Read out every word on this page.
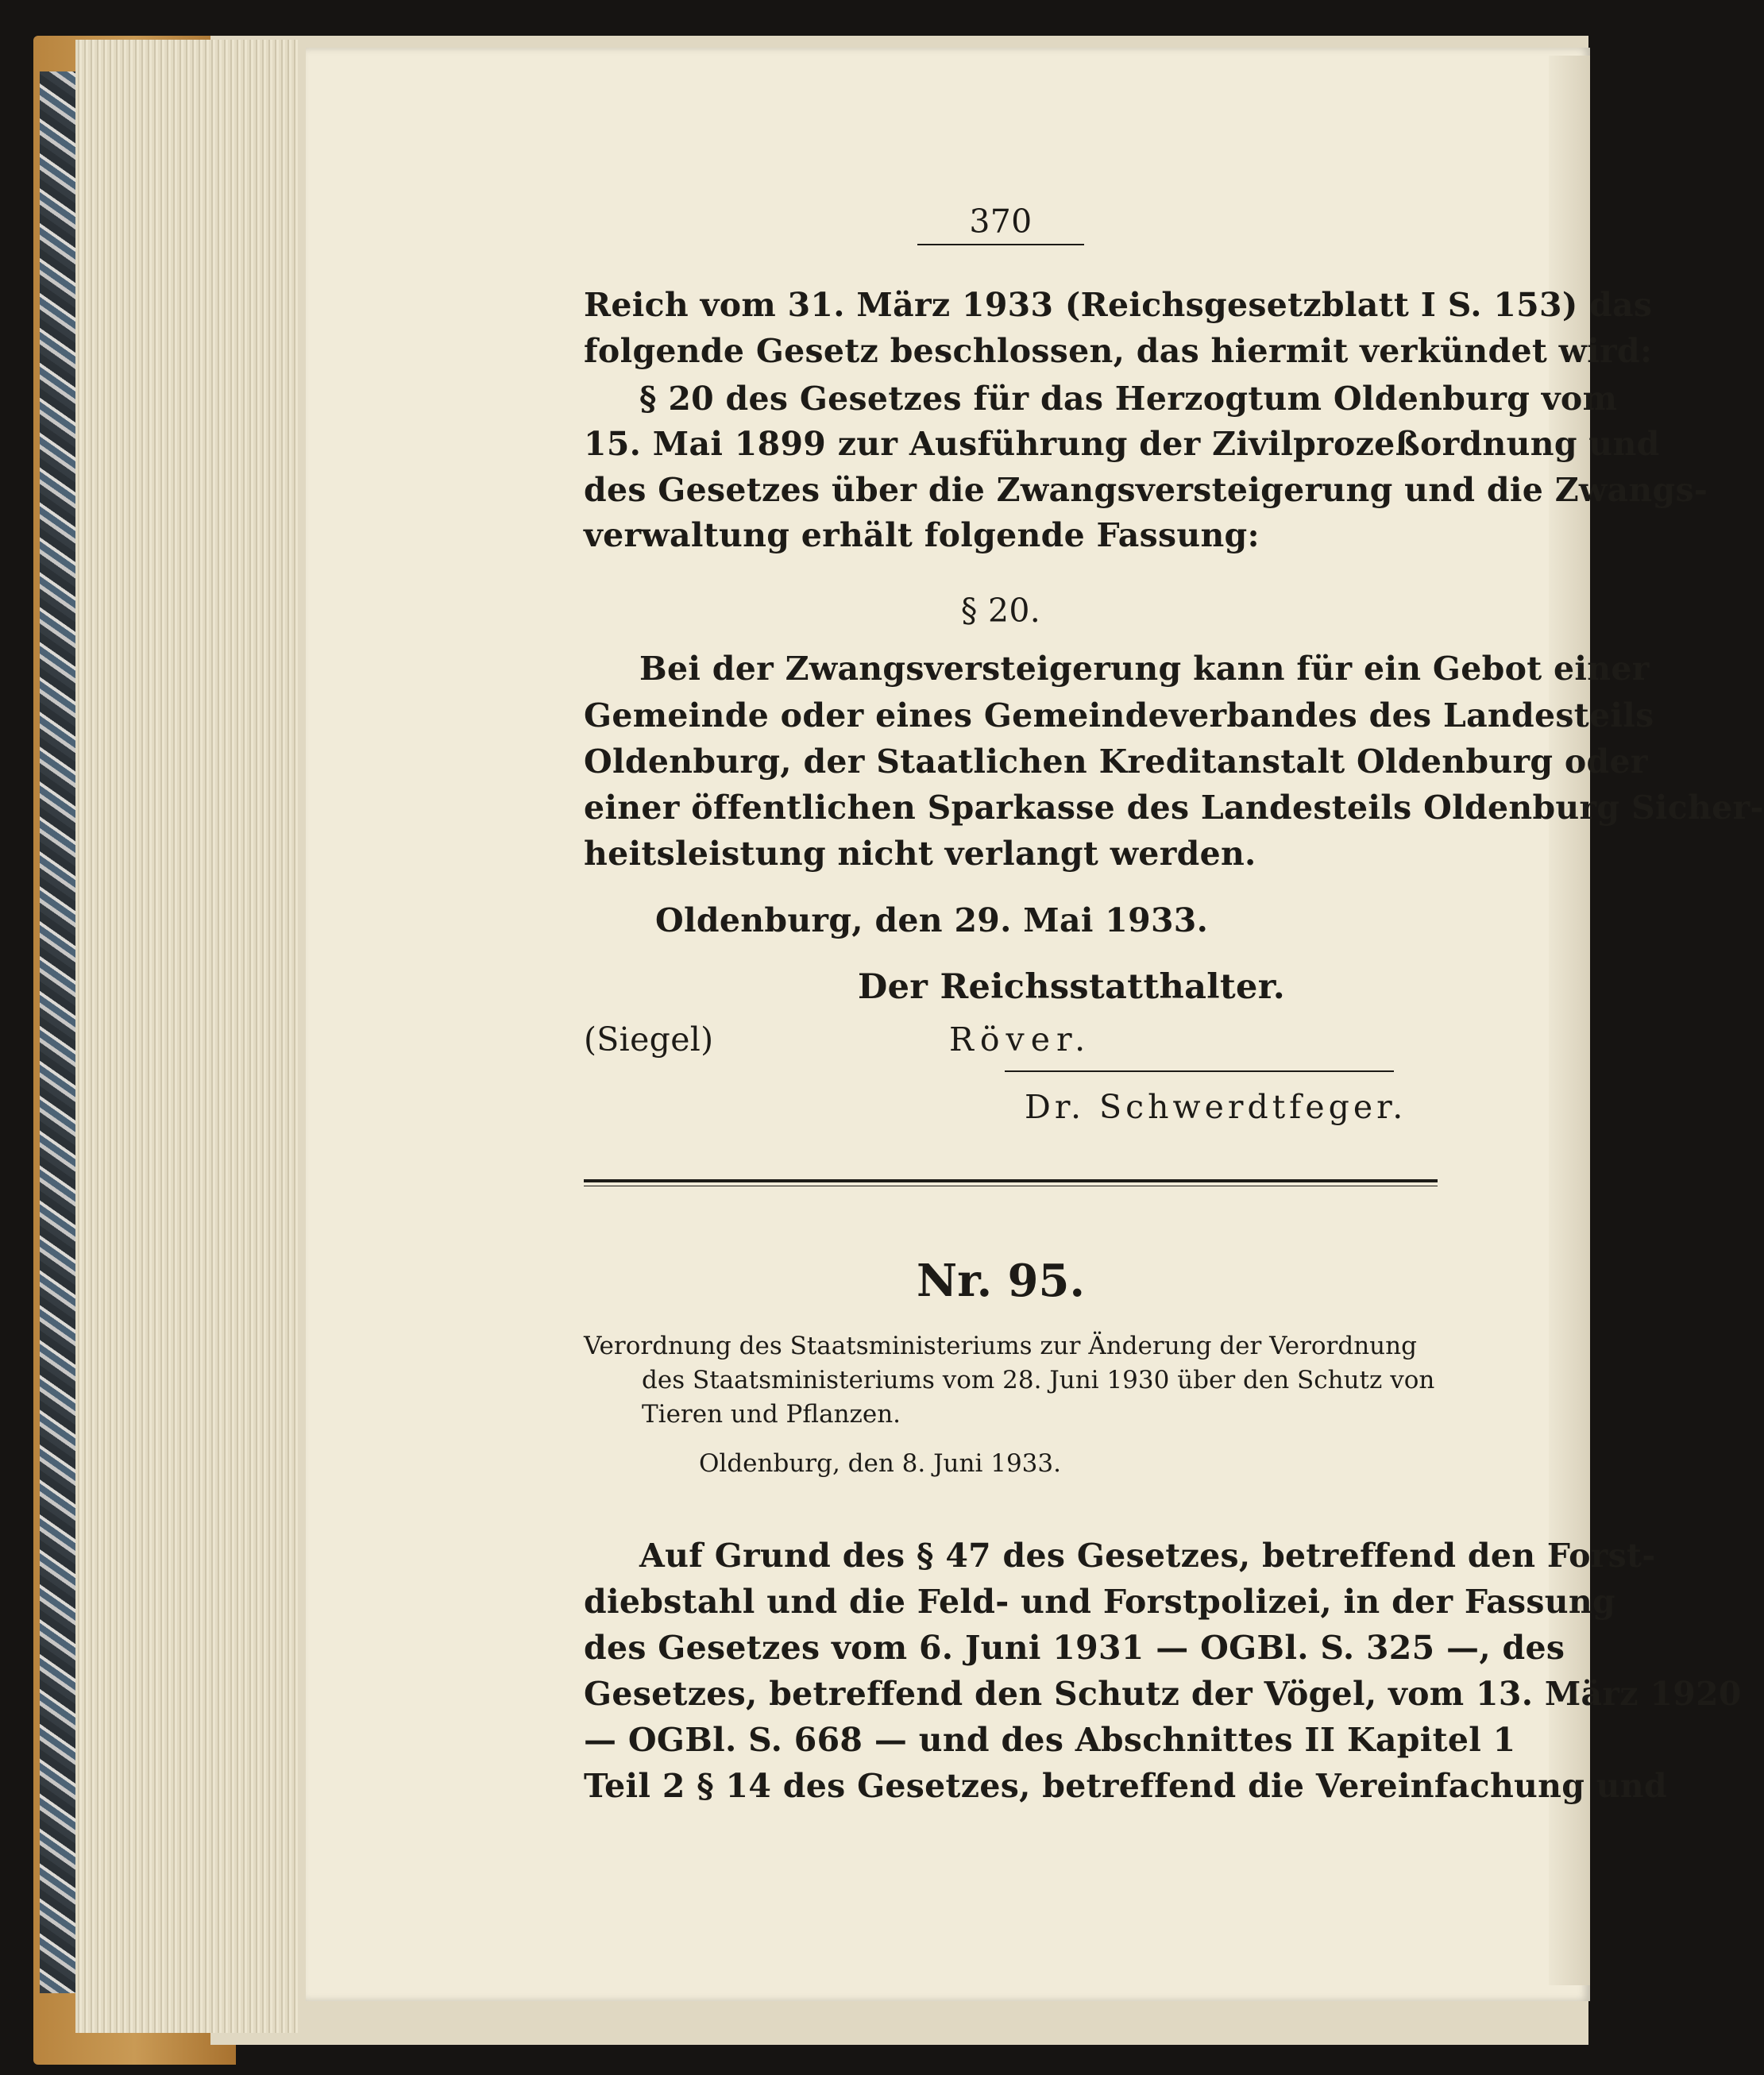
370
Reich vom 31. März 1933 (Reichsgesetzblatt I S. 153) das
folgende Gesetz beschlossen, das hiermit verkündet wird:
§ 20 des Gesetzes für das Herzogtum Oldenburg vom
15. Mai 1899 zur Ausführung der Zivilprozeßordnung und
des Gesetzes über die Zwangsversteigerung und die Zwangs-
verwaltung erhält folgende Fassung:
§ 20.
Bei der Zwangsversteigerung kann für ein Gebot einer
Gemeinde oder eines Gemeindeverbandes des Landesteils
Oldenburg, der Staatlichen Kreditanstalt Oldenburg oder
einer öffentlichen Sparkasse des Landesteils Oldenburg Sicher-
heitsleistung nicht verlangt werden.
Oldenburg, den 29. Mai 1933.
Der Reichsstatthalter.
(Siegel)	Röver.
Dr. Schwerdtfeger.
Nr. 95.
Verordnung des Staatsministeriums zur Änderung der Verordnung
des Staatsministeriums vom 28. Juni 1930 über den Schutz von
Tieren und Pflanzen.
Oldenburg, den 8. Juni 1933.
Auf Grund des § 47 des Gesetzes, betreffend den Forst-
diebstahl und die Feld- und Forstpolizei, in der Fassung
des Gesetzes vom 6. Juni 1931 — OGBl. S. 325 —, des
Gesetzes, betreffend den Schutz der Vögel, vom 13. März 1920
— OGBl. S. 668 — und des Abschnittes II Kapitel 1
Teil 2 § 14 des Gesetzes, betreffend die Vereinfachung und
